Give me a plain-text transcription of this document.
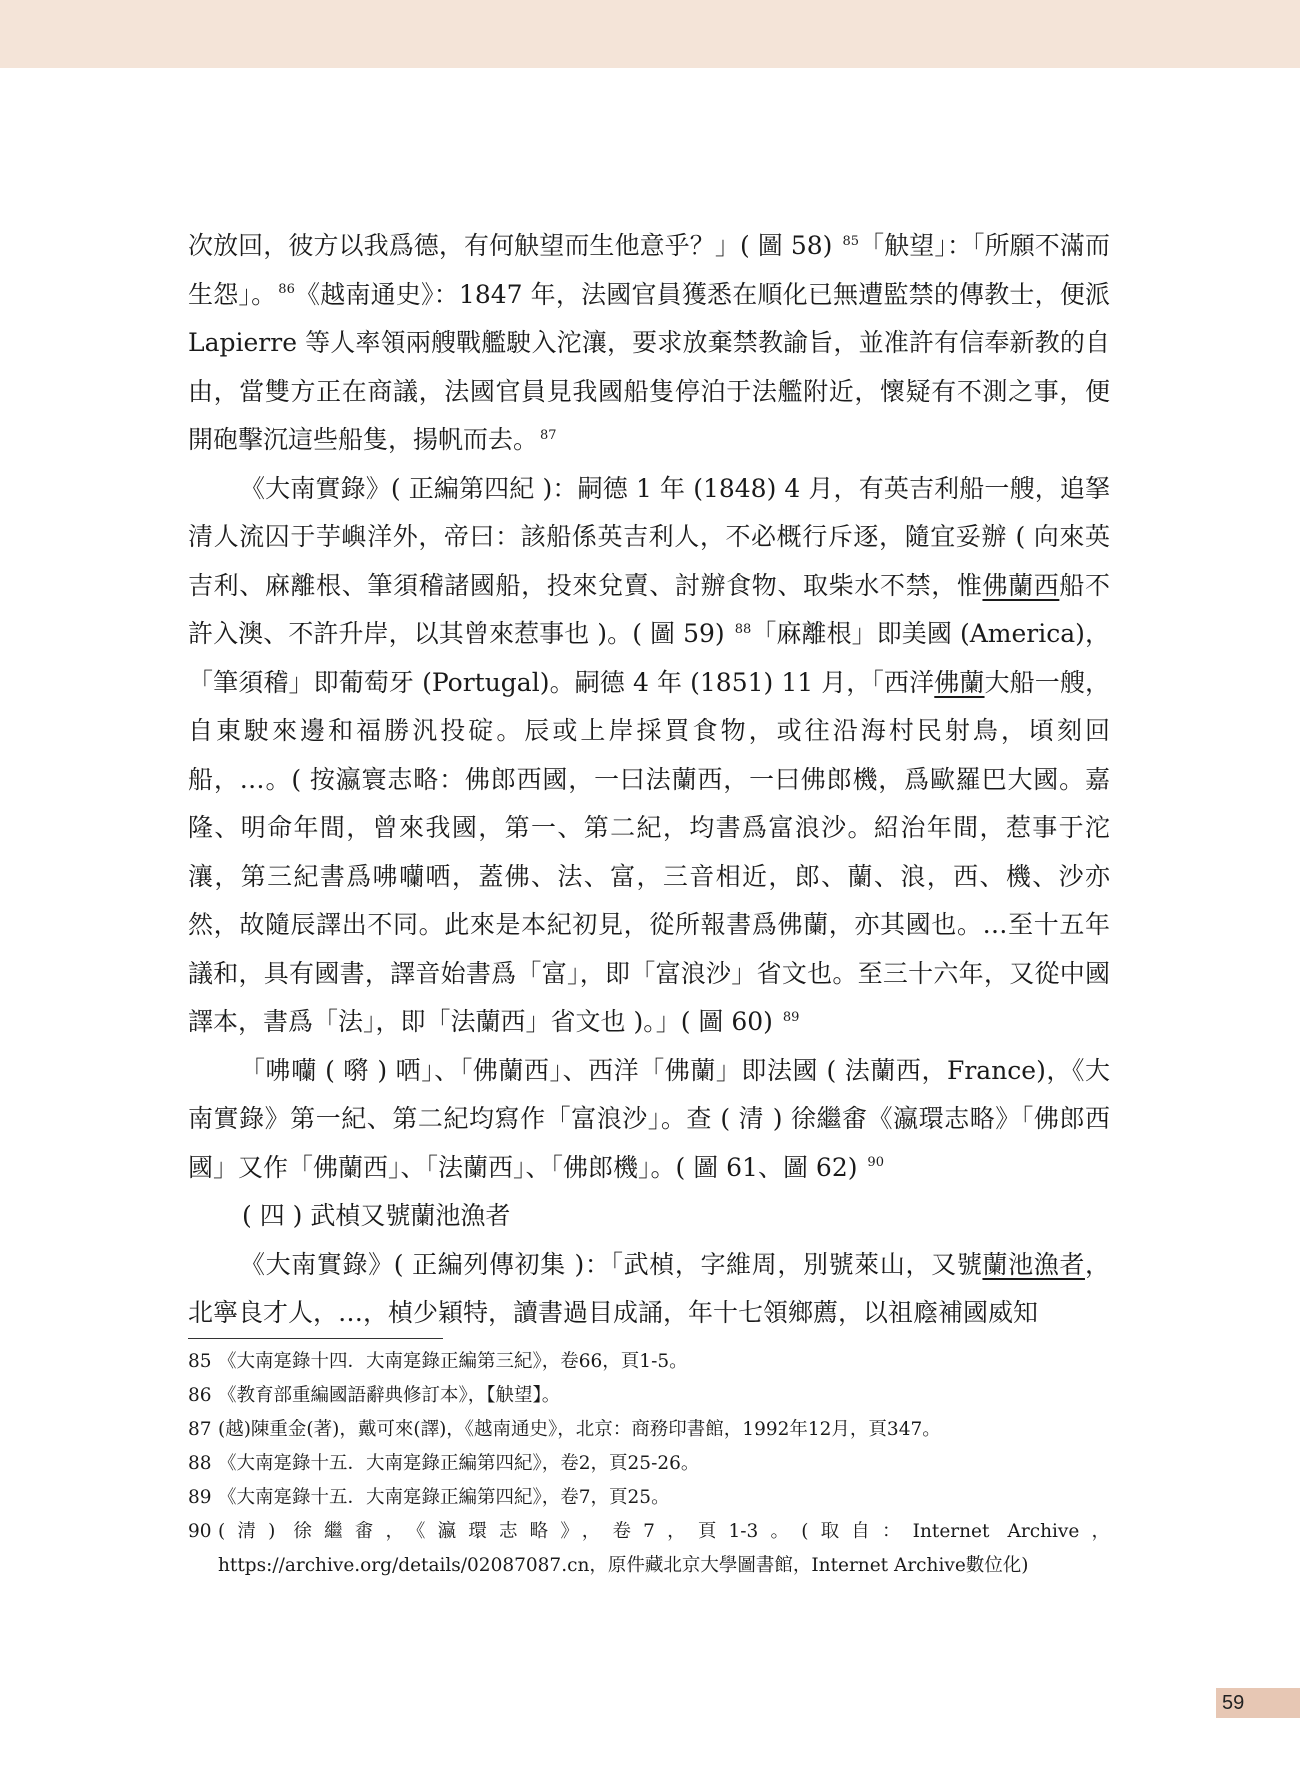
次放回，彼方以我爲德，有何觖望而生他意乎？」( 圖 58) $^{85}$「觖望」：「所願不滿而生怨」。 $^{86}$《越南通史》：1847 年，法國官員獲悉在順化已無遭監禁的傳教士，便派 Lapierre 等人率領兩艘戰艦駛入沱瀼，要求放棄禁教諭旨，並准許有信奉新教的自由，當雙方正在商議，法國官員見我國船隻停泊于法艦附近，懷疑有不測之事，便開砲擊沉這些船隻，揚帆而去。 $^{87}$

《大南實錄》( 正編第四紀 )：嗣德 1 年 (1848) 4 月，有英吉利船一艘，追拏清人流囚于芋嶼洋外，帝曰：該船係英吉利人，不必概行斥逐，隨宜妥辦 ( 向來英吉利、麻離根、筆須稽諸國船，投來兌賣、討辦食物、取柴水不禁，惟佛蘭西船不許入澳、不許升岸，以其曾來惹事也 )。( 圖 59) $^{88}$「麻離根」即美國 (America)，「筆須稽」即葡萄牙 (Portugal)。嗣德 4 年 (1851) 11 月，「西洋佛蘭大船一艘，自東駛來邊和福勝汎投碇。辰或上岸採買食物，或往沿海村民射鳥，頃刻回船，…。( 按瀛寰志略：佛郎西國，一曰法蘭西，一曰佛郎機，爲歐羅巴大國。嘉隆、明命年間，曾來我國，第一、第二紀，均書爲富浪沙。紹治年間，惹事于沱瀼，第三紀書爲咈囒哂，蓋佛、法、富，三音相近，郎、蘭、浪，西、機、沙亦然，故隨辰譯出不同。此來是本紀初見，從所報書爲佛蘭，亦其國也。…至十五年議和，具有國書，譯音始書爲「富」，即「富浪沙」省文也。至三十六年，又從中國譯本，書爲「法」，即「法蘭西」省文也 )。」( 圖 60) $^{89}$

「咈囒 ( 𡁷 ) 哂」、「佛蘭西」、西洋「佛蘭」即法國 ( 法蘭西，France)，《大南實錄》第一紀、第二紀均寫作「富浪沙」。查 ( 清 ) 徐繼畬《瀛環志略》「佛郎西國」又作「佛蘭西」、「法蘭西」、「佛郎機」。( 圖 61、圖 62) $^{90}$

( 四 ) 武楨又號蘭池漁者

《大南實錄》( 正編列傳初集 )：「武楨，字維周，別號萊山，又號蘭池漁者，北寧良才人，…，楨少穎特，讀書過目成誦，年十七領鄉薦，以祖廕補國威知

85 《大南寔錄十四．大南寔錄正編第三紀》，卷66，頁1-5。
86 《教育部重編國語辭典修訂本》，【觖望】。
87 (越)陳重金(著)，戴可來(譯)，《越南通史》，北京：商務印書館，1992年12月，頁347。
88 《大南寔錄十五．大南寔錄正編第四紀》，卷2，頁25-26。
89 《大南寔錄十五．大南寔錄正編第四紀》，卷7，頁25。
90 (清) 徐繼畬，《瀛環志略》，卷7，頁1-3。(取自：Internet Archive，https://archive.org/details/02087087.cn，原件藏北京大學圖書館，Internet Archive數位化)
59
